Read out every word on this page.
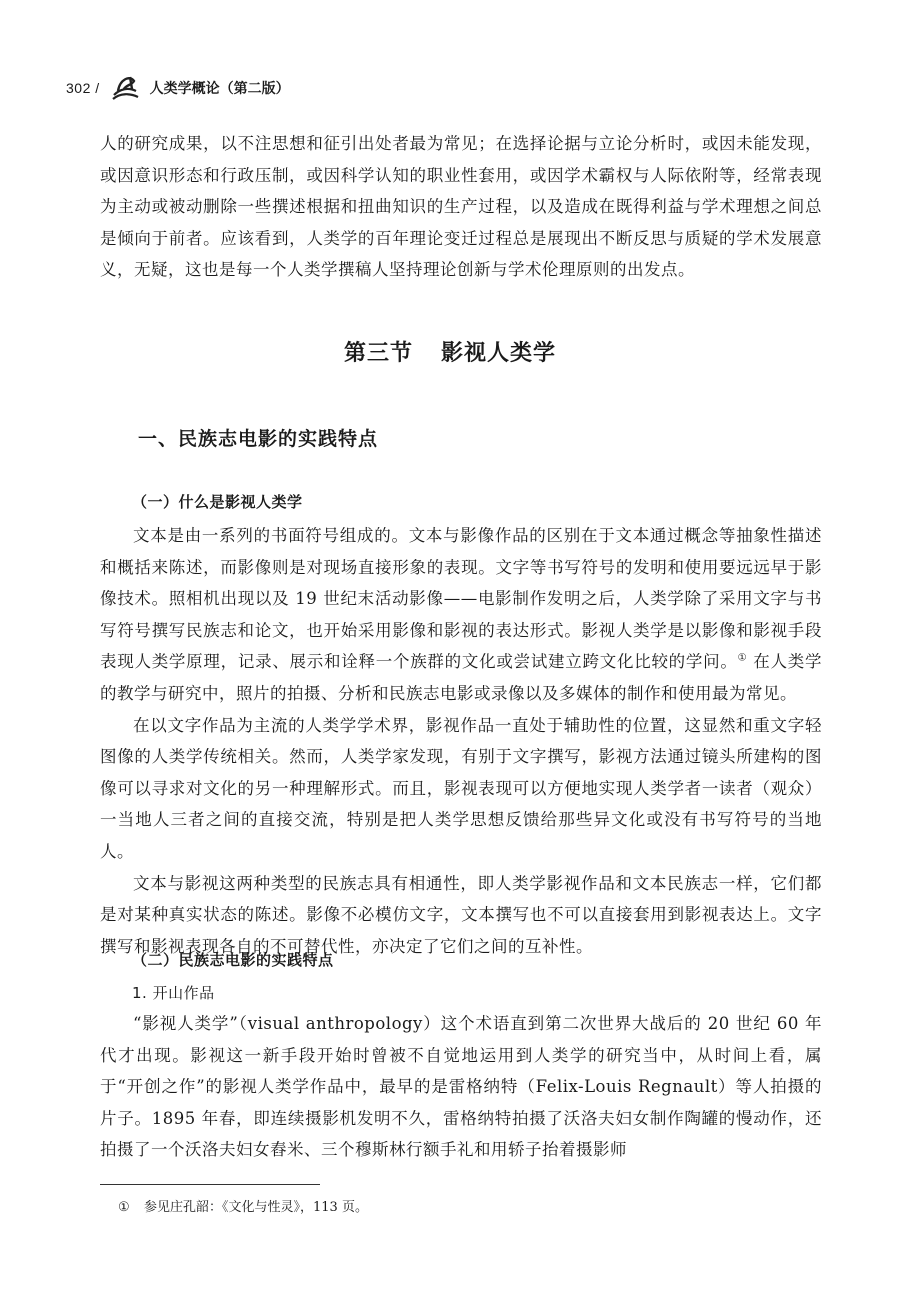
302 /	人类学概论（第二版）

人的研究成果，以不注思想和征引出处者最为常见；在选择论据与立论分析时，或因未能发现，或因意识形态和行政压制，或因科学认知的职业性套用，或因学术霸权与人际依附等，经常表现为主动或被动删除一些撰述根据和扭曲知识的生产过程，以及造成在既得利益与学术理想之间总是倾向于前者。应该看到，人类学的百年理论变迁过程总是展现出不断反思与质疑的学术发展意义，无疑，这也是每一个人类学撰稿人坚持理论创新与学术伦理原则的出发点。

第三节 影视人类学
一、民族志电影的实践特点
（一）什么是影视人类学

文本是由一系列的书面符号组成的。文本与影像作品的区别在于文本通过概念等抽象性描述和概括来陈述，而影像则是对现场直接形象的表现。文字等书写符号的发明和使用要远远早于影像技术。照相机出现以及 19 世纪末活动影像——电影制作发明之后，人类学除了采用文字与书写符号撰写民族志和论文，也开始采用影像和影视的表达形式。影视人类学是以影像和影视手段表现人类学原理，记录、展示和诠释一个族群的文化或尝试建立跨文化比较的学问。① 在人类学的教学与研究中，照片的拍摄、分析和民族志电影或录像以及多媒体的制作和使用最为常见。

在以文字作品为主流的人类学学术界，影视作品一直处于辅助性的位置，这显然和重文字轻图像的人类学传统相关。然而，人类学家发现，有别于文字撰写，影视方法通过镜头所建构的图像可以寻求对文化的另一种理解形式。而且，影视表现可以方便地实现人类学者一读者（观众）一当地人三者之间的直接交流，特别是把人类学思想反馈给那些异文化或没有书写符号的当地人。

文本与影视这两种类型的民族志具有相通性，即人类学影视作品和文本民族志一样，它们都是对某种真实状态的陈述。影像不必模仿文字，文本撰写也不可以直接套用到影视表达上。文字撰写和影视表现各自的不可替代性，亦决定了它们之间的互补性。

（二）民族志电影的实践特点
1. 开山作品

“影视人类学”（visual anthropology）这个术语直到第二次世界大战后的 20 世纪 60 年代才出现。影视这一新手段开始时曾被不自觉地运用到人类学的研究当中，从时间上看，属于“开创之作”的影视人类学作品中，最早的是雷格纳特（Felix-Louis Regnault）等人拍摄的片子。1895 年春，即连续摄影机发明不久，雷格纳特拍摄了沃洛夫妇女制作陶罐的慢动作，还拍摄了一个沃洛夫妇女舂米、三个穆斯林行额手礼和用轿子抬着摄影师

① 参见庄孔韶：《文化与性灵》，113 页。
